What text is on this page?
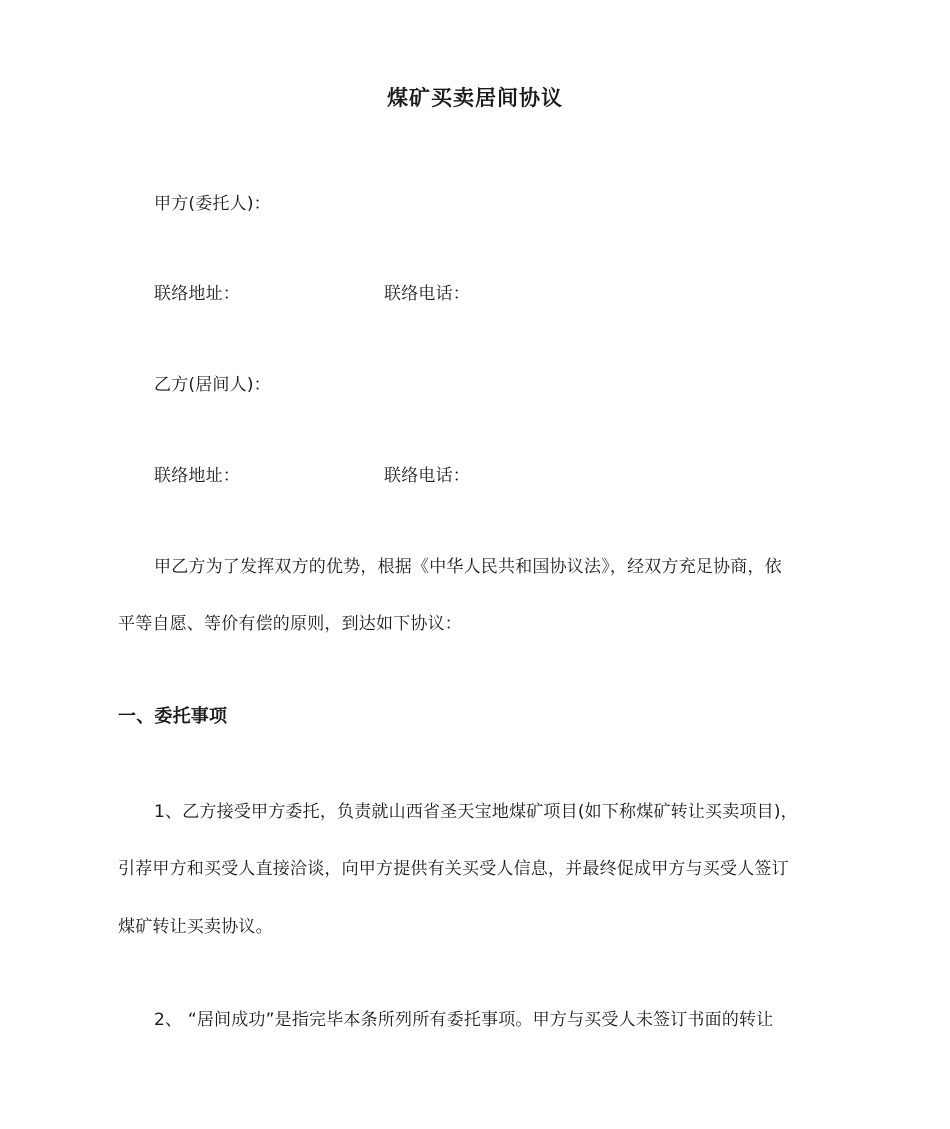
煤矿买卖居间协议
甲方(委托人)：
联络地址：	联络电话：
乙方(居间人)：
联络地址：	联络电话：
甲乙方为了发挥双方的优势，根据《中华人民共和国协议法》，经双方充足协商，依
平等自愿、等价有偿的原则，到达如下协议：
一、委托事项
1、乙方接受甲方委托，负责就山西省圣天宝地煤矿项目(如下称煤矿转让买卖项目)，
引荐甲方和买受人直接洽谈，向甲方提供有关买受人信息，并最终促成甲方与买受人签订
煤矿转让买卖协议。
2、 “居间成功”是指完毕本条所列所有委托事项。甲方与买受人未签订书面的转让
